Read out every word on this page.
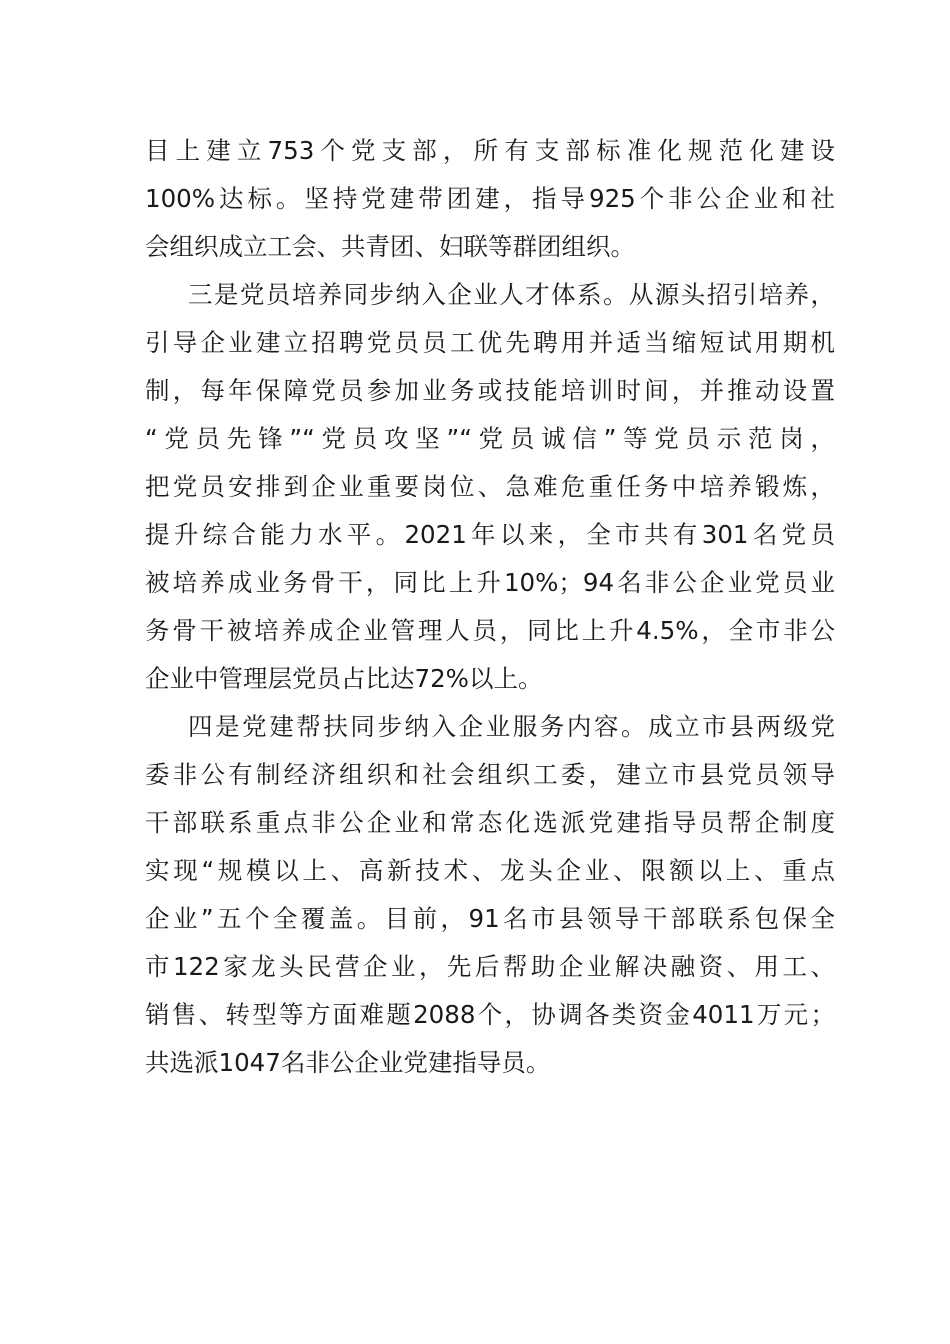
目上建立753个党支部，所有支部标准化规范化建设
100%达标。坚持党建带团建，指导925个非公企业和社
会组织成立工会、共青团、妇联等群团组织。
三是党员培养同步纳入企业人才体系。从源头招引培养，
引导企业建立招聘党员员工优先聘用并适当缩短试用期机
制，每年保障党员参加业务或技能培训时间，并推动设置
“党员先锋”“党员攻坚”“党员诚信”等党员示范岗，
把党员安排到企业重要岗位、急难危重任务中培养锻炼，
提升综合能力水平。2021年以来，全市共有301名党员
被培养成业务骨干，同比上升10%；94名非公企业党员业
务骨干被培养成企业管理人员，同比上升4.5%，全市非公
企业中管理层党员占比达72%以上。
四是党建帮扶同步纳入企业服务内容。成立市县两级党
委非公有制经济组织和社会组织工委，建立市县党员领导
干部联系重点非公企业和常态化选派党建指导员帮企制度
实现“规模以上、高新技术、龙头企业、限额以上、重点
企业”五个全覆盖。目前，91名市县领导干部联系包保全
市122家龙头民营企业，先后帮助企业解决融资、用工、
销售、转型等方面难题2088个，协调各类资金4011万元；
共选派1047名非公企业党建指导员。
